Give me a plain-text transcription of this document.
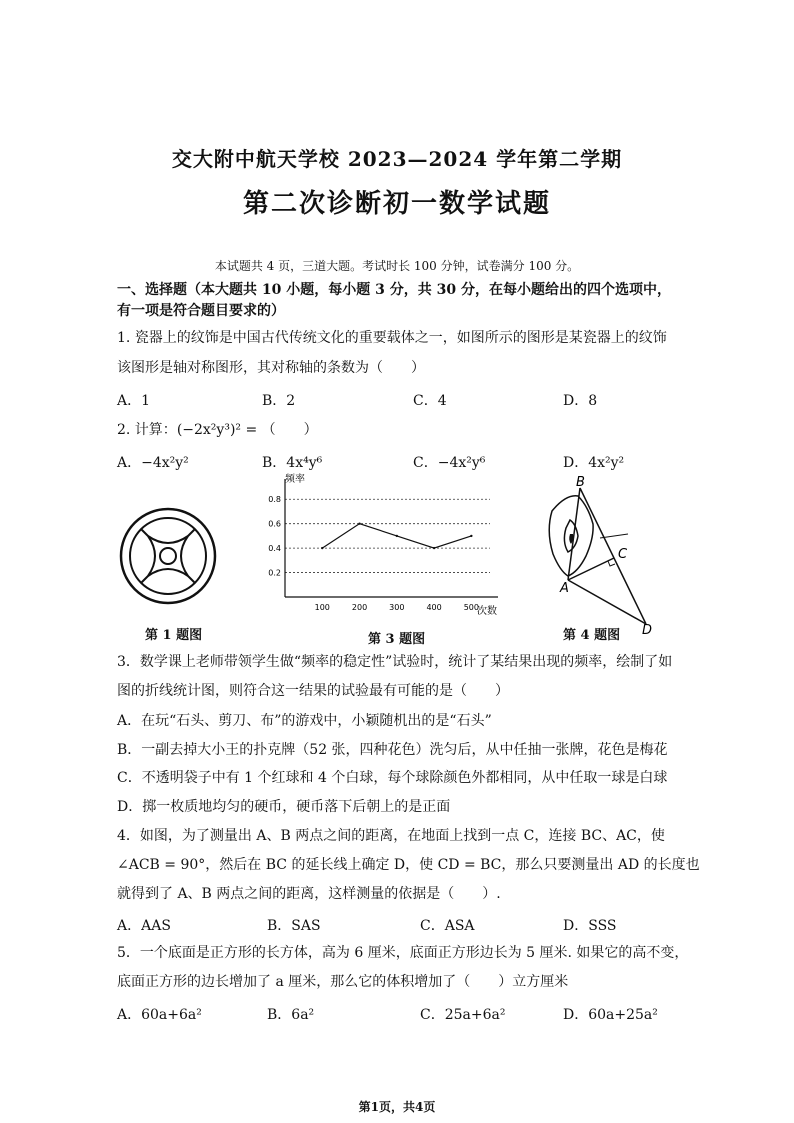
交大附中航天学校 2023—2024 学年第二学期
第二次诊断初一数学试题
本试题共 4 页，三道大题。考试时长 100 分钟，试卷满分 100 分。
一、选择题（本大题共 10 小题，每小题 3 分，共 30 分，在每小题给出的四个选项中，
有一项是符合题目要求的）
1. 瓷器上的纹饰是中国古代传统文化的重要载体之一，如图所示的图形是某瓷器上的纹饰
该图形是轴对称图形，其对称轴的条数为（　　）
A．1	B．2	C．4	D．8
2. 计算：(−2x²y³)² = （　　）
A．−4x²y²	B．4x⁴y⁶	C．−4x²y⁶	D．4x²y²
第 1 题图
0.2
0.4
0.6
0.8
100	200	300	400	500
频率
次数
第 3 题图
B
C
A
D
第 4 题图
3．数学课上老师带领学生做“频率的稳定性”试验时，统计了某结果出现的频率，绘制了如
图的折线统计图，则符合这一结果的试验最有可能的是（　　）
A．在玩“石头、剪刀、布”的游戏中，小颖随机出的是“石头”
B．一副去掉大小王的扑克牌（52 张，四种花色）洗匀后，从中任抽一张牌，花色是梅花
C．不透明袋子中有 1 个红球和 4 个白球，每个球除颜色外都相同，从中任取一球是白球
D．掷一枚质地均匀的硬币，硬币落下后朝上的是正面
4．如图，为了测量出 A、B 两点之间的距离，在地面上找到一点 C，连接 BC、AC，使
∠ACB = 90°，然后在 BC 的延长线上确定 D，使 CD = BC，那么只要测量出 AD 的长度也
就得到了 A、B 两点之间的距离，这样测量的依据是（　　）.
A．AAS	B．SAS	C．ASA	D．SSS
5．一个底面是正方形的长方体，高为 6 厘米，底面正方形边长为 5 厘米. 如果它的高不变，
底面正方形的边长增加了 a 厘米，那么它的体积增加了（　　）立方厘米
A．60a+6a²	B．6a²	C．25a+6a²	D．60a+25a²
第1页，共4页
